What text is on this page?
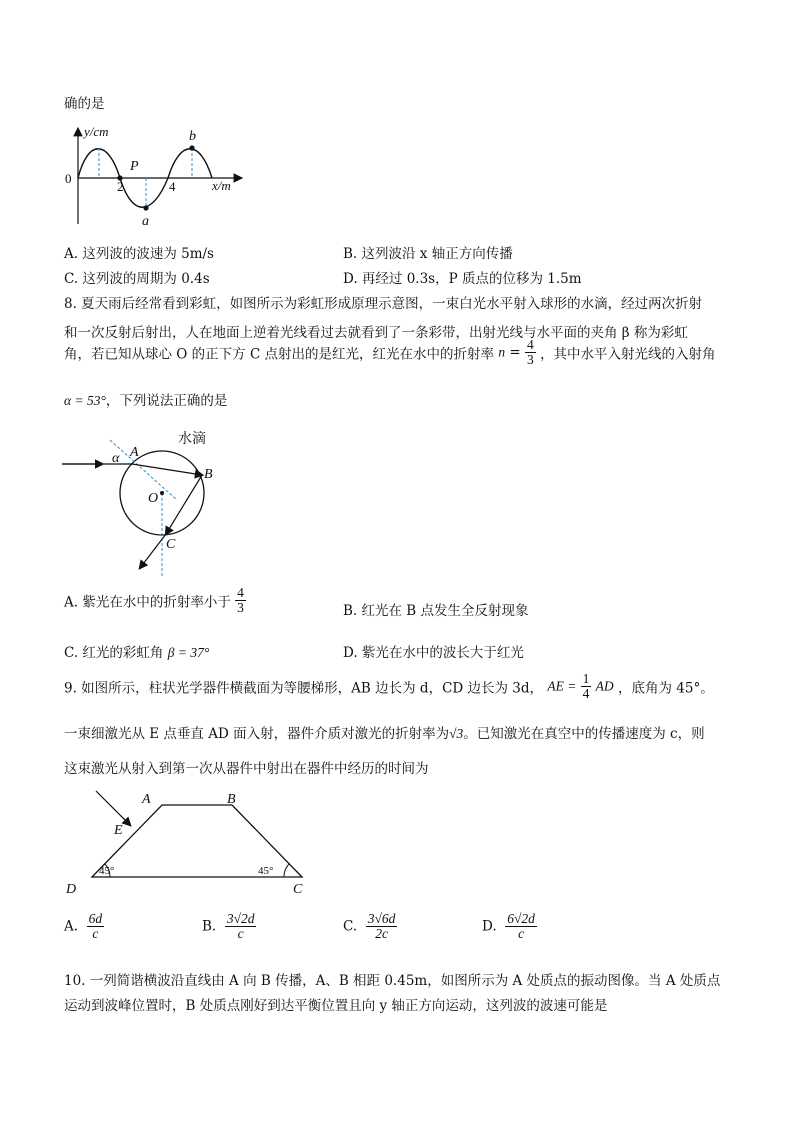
确的是
y/cm
x/m
0
2	4
P
a
b
A. 这列波的波速为 5m/s	B. 这列波沿 x 轴正方向传播
C. 这列波的周期为 0.4s	D. 再经过 0.3s，P 质点的位移为 1.5m
8. 夏天雨后经常看到彩虹，如图所示为彩虹形成原理示意图，一束白光水平射入球形的水滴，经过两次折射
和一次反射后射出，人在地面上逆着光线看过去就看到了一条彩带，出射光线与水平面的夹角 β 称为彩虹
角，若已知从球心 O 的正下方 C 点射出的是红光，红光在水中的折射率 $n = \frac{4}{3}$ ，其中水平入射光线的入射角
α = 53°，下列说法正确的是
水滴
α A
B
O
C
A. 紫光在水中的折射率小于 $\frac{4}{3}$	B. 红光在 B 点发生全反射现象
C. 红光的彩虹角 β = 37°	D. 紫光在水中的波长大于红光
9. 如图所示，柱状光学器件横截面为等腰梯形，AB 边长为 d，CD 边长为 3d， AE = $\frac{1}{4}$ AD ，底角为 45°。
一束细激光从 E 点垂直 AD 面入射，器件介质对激光的折射率为√3。已知激光在真空中的传播速度为 c，则
这束激光从射入到第一次从器件中射出在器件中经历的时间为
A	B
E
D	C
45°	45°
A. $\frac{6d}{c}$	B. $\frac{3√2d}{c}$	C. $\frac{3√6d}{2c}$	D. $\frac{6√2d}{c}$
10. 一列简谐横波沿直线由 A 向 B 传播，A、B 相距 0.45m，如图所示为 A 处质点的振动图像。当 A 处质点
运动到波峰位置时，B 处质点刚好到达平衡位置且向 y 轴正方向运动，这列波的波速可能是
